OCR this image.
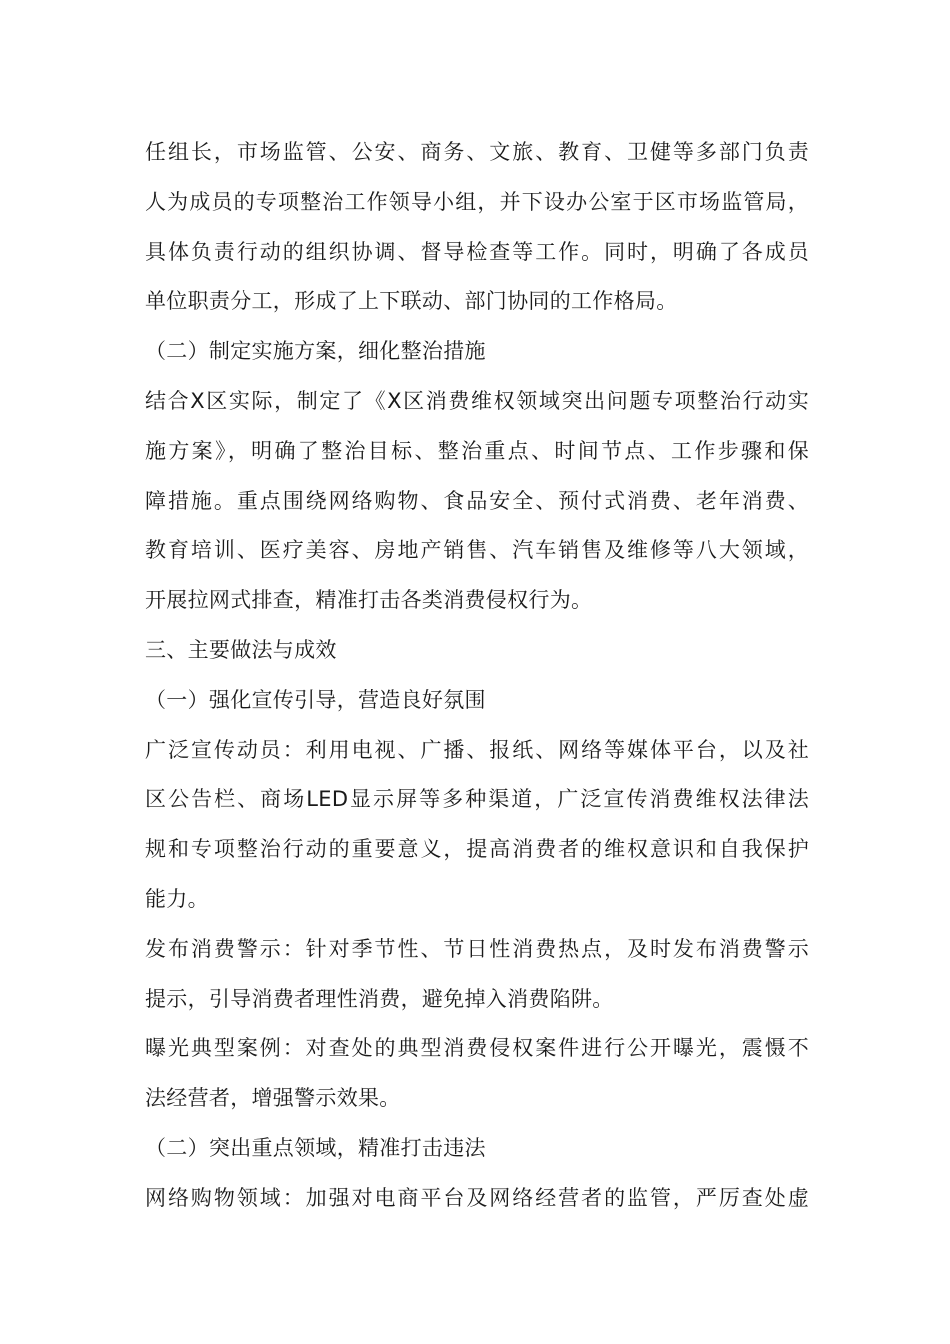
任组长，市场监管、公安、商务、文旅、教育、卫健等多部门负责
人为成员的专项整治工作领导小组，并下设办公室于区市场监管局，
具体负责行动的组织协调、督导检查等工作。同时，明确了各成员
单位职责分工，形成了上下联动、部门协同的工作格局。
（二）制定实施方案，细化整治措施
结合X区实际，制定了《X区消费维权领域突出问题专项整治行动实
施方案》，明确了整治目标、整治重点、时间节点、工作步骤和保
障措施。重点围绕网络购物、食品安全、预付式消费、老年消费、
教育培训、医疗美容、房地产销售、汽车销售及维修等八大领域，
开展拉网式排查，精准打击各类消费侵权行为。
三、主要做法与成效
（一）强化宣传引导，营造良好氛围
广泛宣传动员：利用电视、广播、报纸、网络等媒体平台，以及社
区公告栏、商场LED显示屏等多种渠道，广泛宣传消费维权法律法
规和专项整治行动的重要意义，提高消费者的维权意识和自我保护
能力。
发布消费警示：针对季节性、节日性消费热点，及时发布消费警示
提示，引导消费者理性消费，避免掉入消费陷阱。
曝光典型案例：对查处的典型消费侵权案件进行公开曝光，震慑不
法经营者，增强警示效果。
（二）突出重点领域，精准打击违法
网络购物领域：加强对电商平台及网络经营者的监管，严厉查处虚
